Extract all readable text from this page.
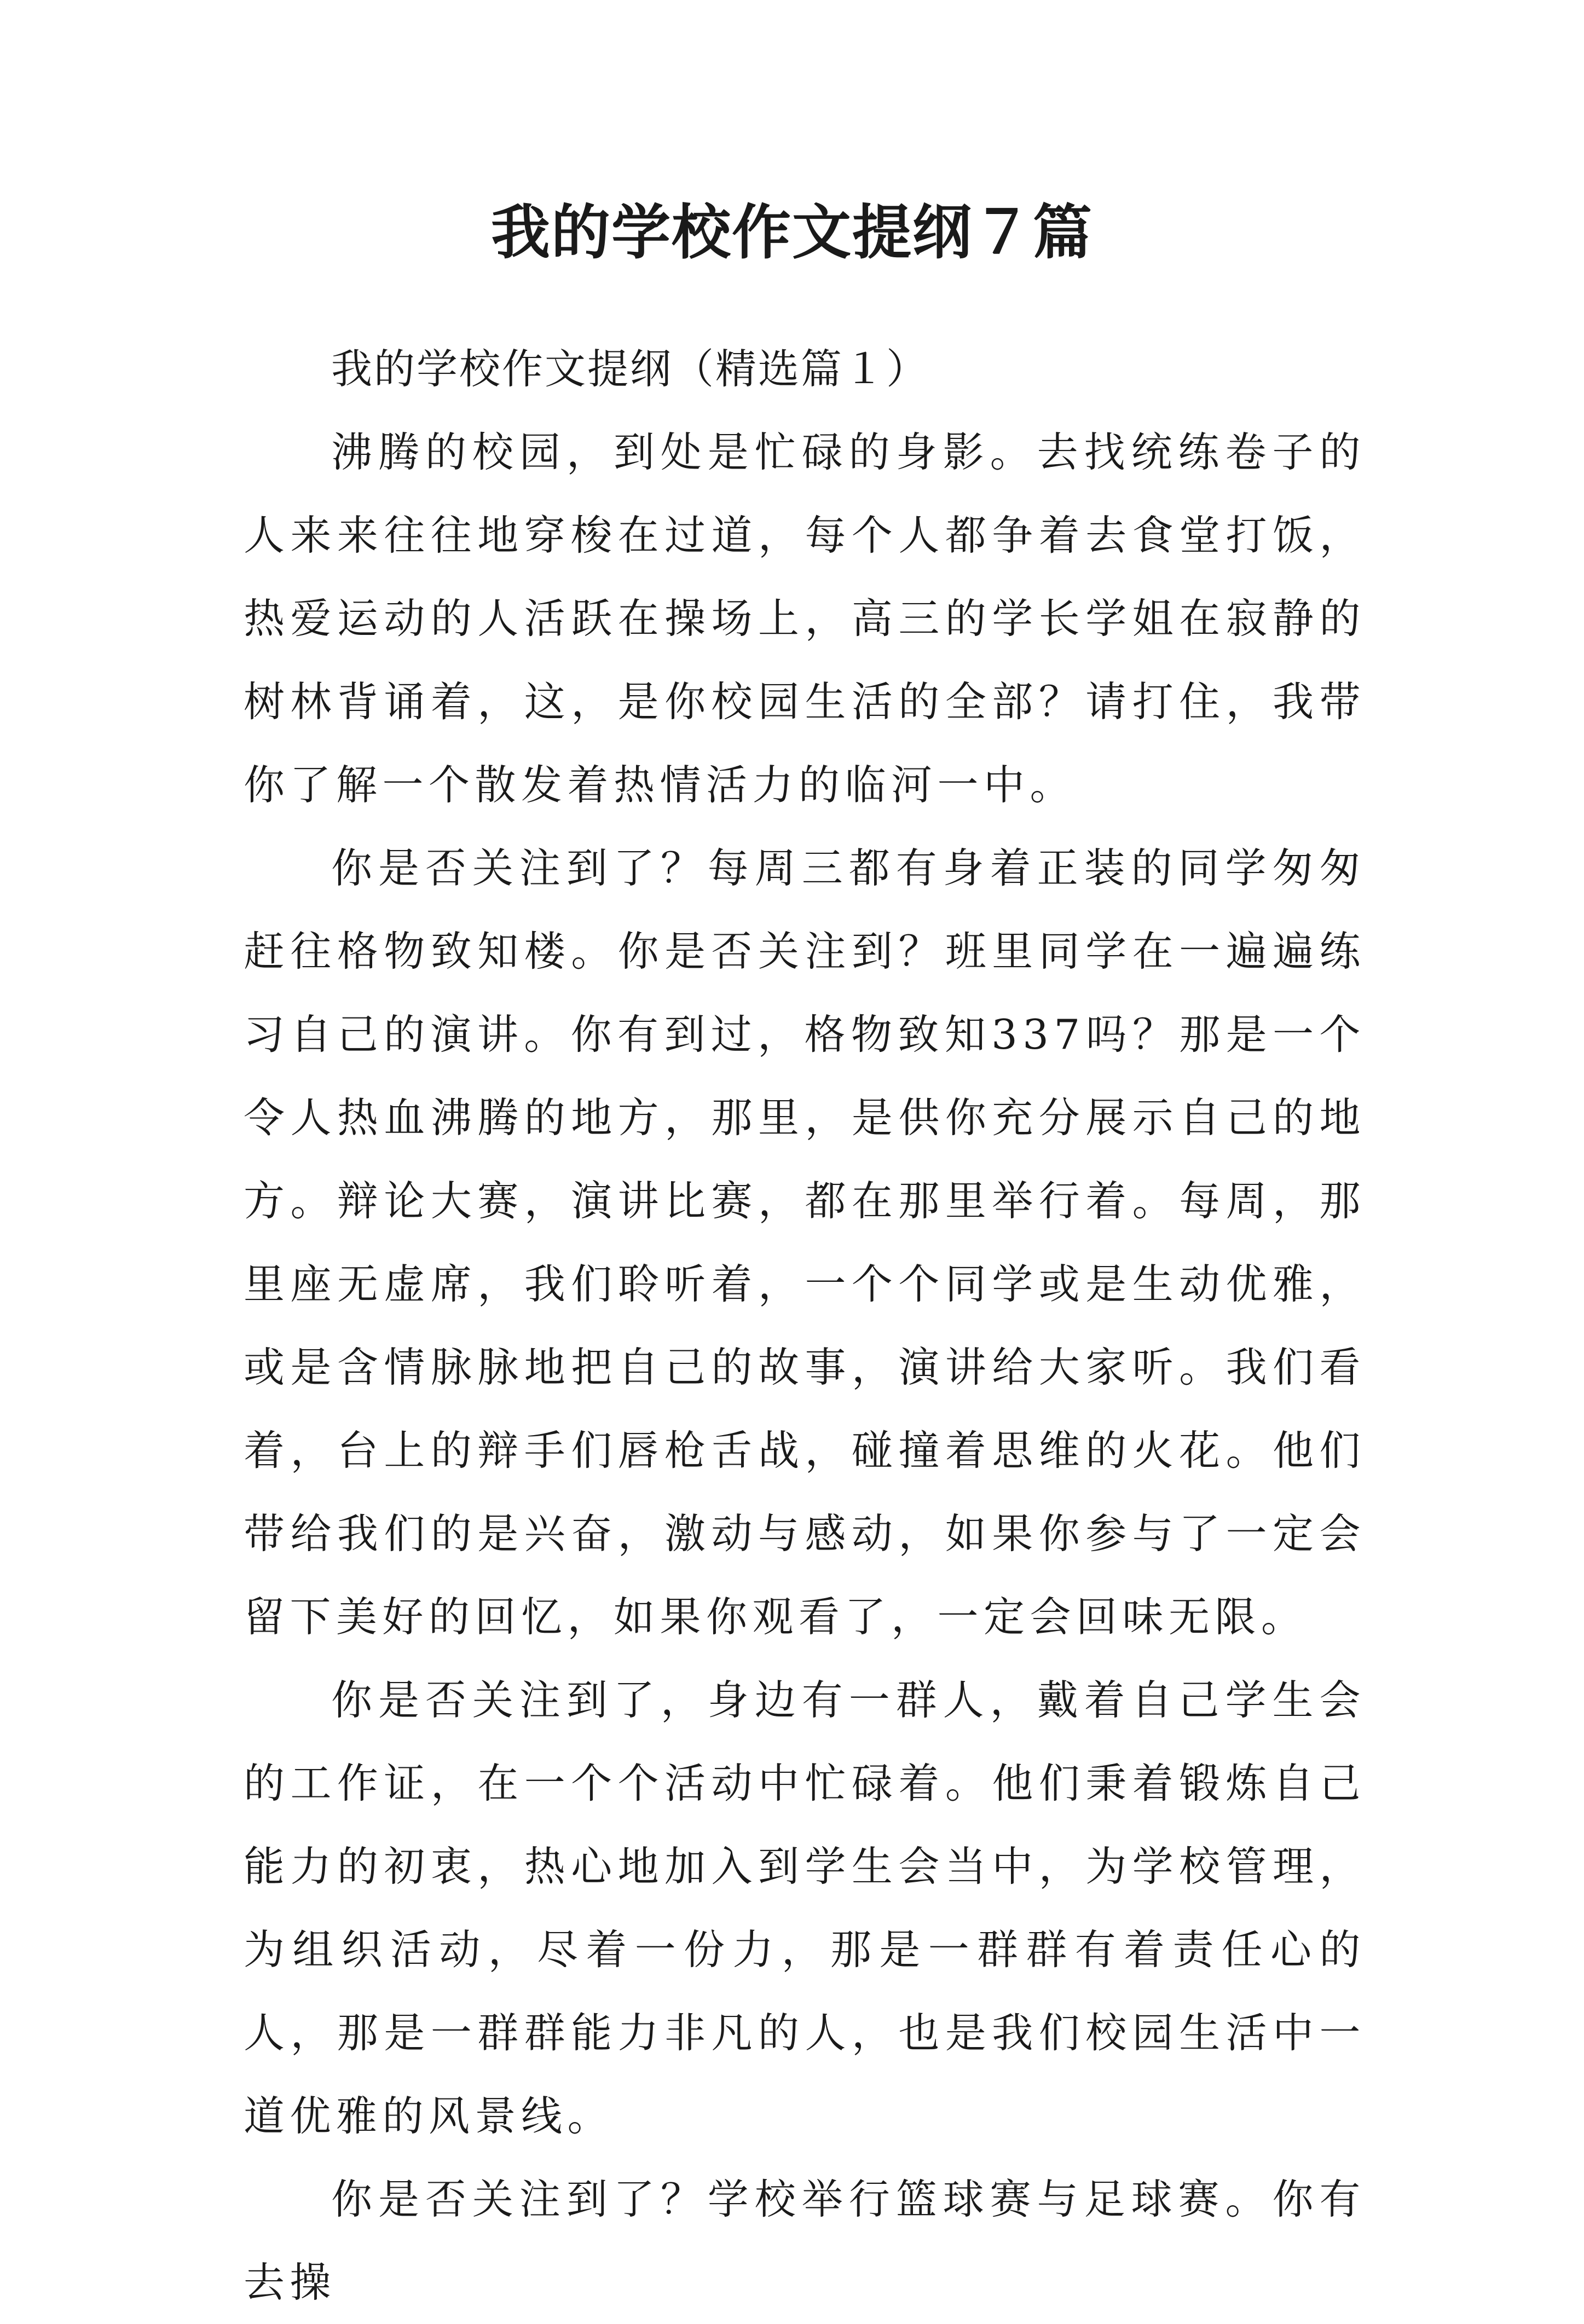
我的学校作文提纲７篇

我的学校作文提纲（精选篇１）

沸腾的校园，到处是忙碌的身影。去找统练卷子的人来来往往地穿梭在过道，每个人都争着去食堂打饭，热爱运动的人活跃在操场上，高三的学长学姐在寂静的树林背诵着，这，是你校园生活的全部？请打住，我带你了解一个散发着热情活力的临河一中。

你是否关注到了？每周三都有身着正装的同学匆匆赶往格物致知楼。你是否关注到？班里同学在一遍遍练习自己的演讲。你有到过，格物致知337吗？那是一个令人热血沸腾的地方，那里，是供你充分展示自己的地方。辩论大赛，演讲比赛，都在那里举行着。每周，那里座无虚席，我们聆听着，一个个同学或是生动优雅，或是含情脉脉地把自己的故事，演讲给大家听。我们看着，台上的辩手们唇枪舌战，碰撞着思维的火花。他们带给我们的是兴奋，激动与感动，如果你参与了一定会留下美好的回忆，如果你观看了，一定会回味无限。

你是否关注到了，身边有一群人，戴着自己学生会的工作证，在一个个活动中忙碌着。他们秉着锻炼自己能力的初衷，热心地加入到学生会当中，为学校管理，为组织活动，尽着一份力，那是一群群有着责任心的人，那是一群群能力非凡的人，也是我们校园生活中一道优雅的风景线。

你是否关注到了？学校举行篮球赛与足球赛。你有去操
